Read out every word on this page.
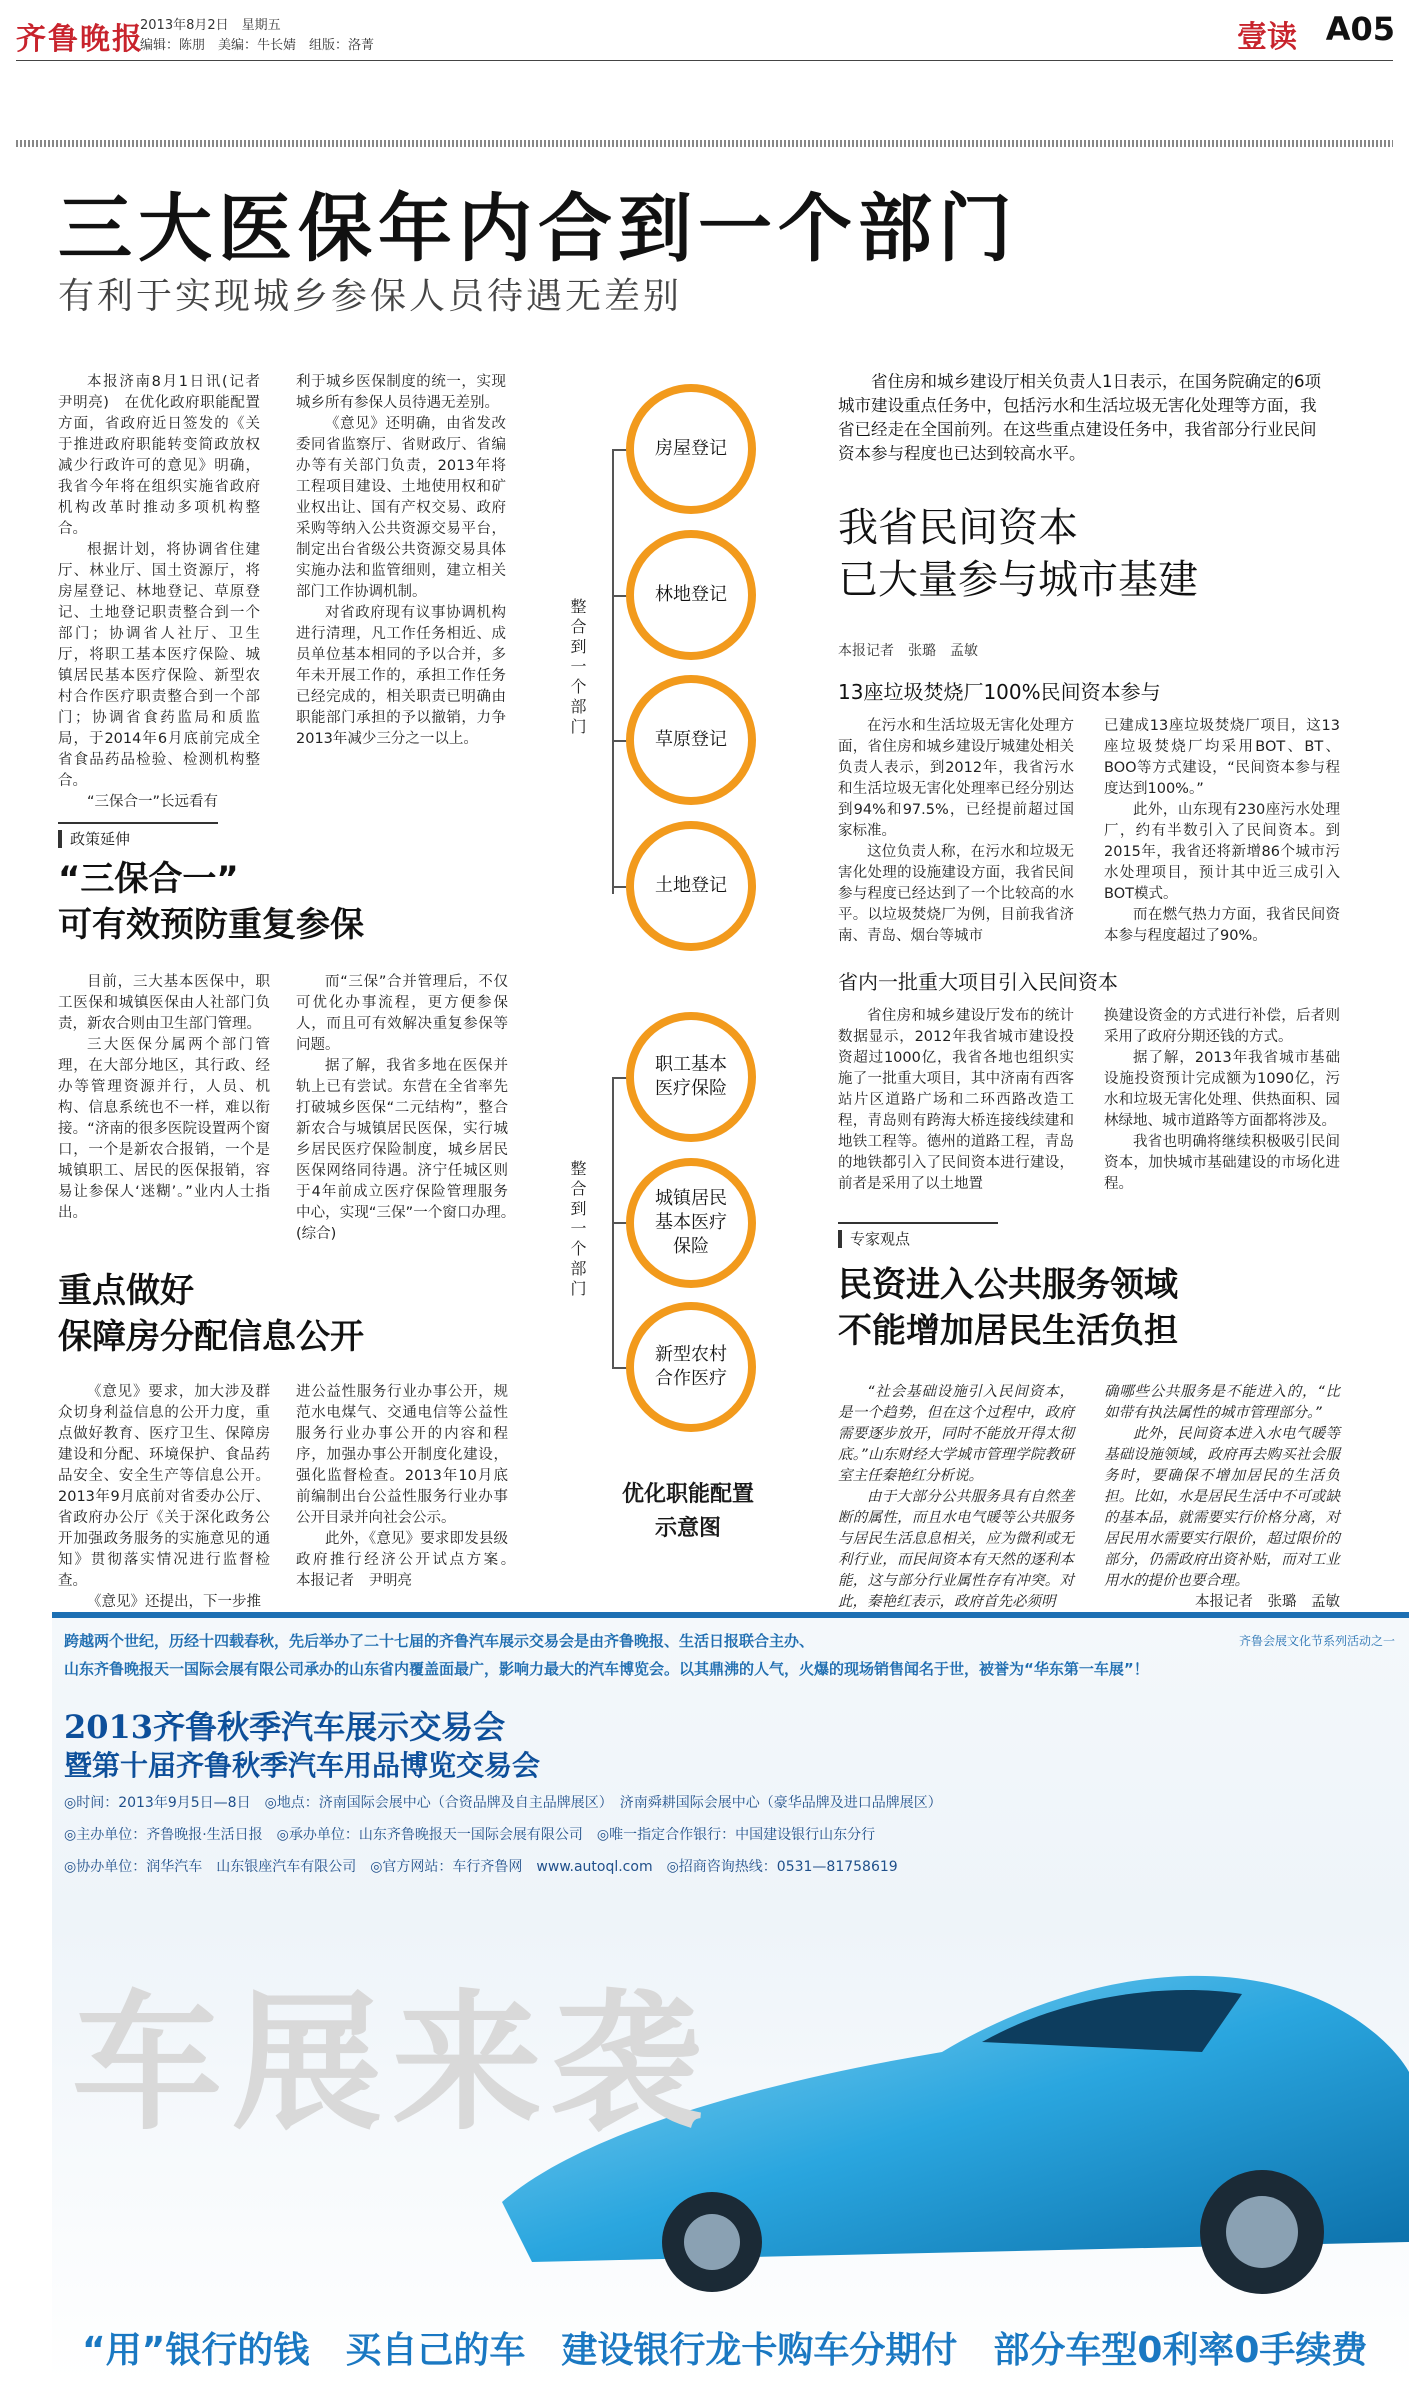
齐鲁晚报
2013年8月2日　星期五
编辑：陈朋　美编：牛长婧　组版：洛菁	壹读 A05
三大医保年内合到一个部门
有利于实现城乡参保人员待遇无差别

本报济南8月1日讯(记者　尹明亮)　在优化政府职能配置方面，省政府近日签发的《关于推进政府职能转变简政放权减少行政许可的意见》明确，我省今年将在组织实施省政府机构改革时推动多项机构整合。

根据计划，将协调省住建厅、林业厅、国土资源厅，将房屋登记、林地登记、草原登记、土地登记职责整合到一个部门；协调省人社厅、卫生厅，将职工基本医疗保险、城镇居民基本医疗保险、新型农村合作医疗职责整合到一个部门；协调省食药监局和质监局，于2014年6月底前完成全省食品药品检验、检测机构整合。

“三保合一”长远看有

利于城乡医保制度的统一，实现城乡所有参保人员待遇无差别。

《意见》还明确，由省发改委同省监察厅、省财政厅、省编办等有关部门负责，2013年将工程项目建设、土地使用权和矿业权出让、国有产权交易、政府采购等纳入公共资源交易平台，制定出台省级公共资源交易具体实施办法和监管细则，建立相关部门工作协调机制。

对省政府现有议事协调机构进行清理，凡工作任务相近、成员单位基本相同的予以合并，多年未开展工作的，承担工作任务已经完成的，相关职责已明确由职能部门承担的予以撤销，力争2013年减少三分之一以上。

政策延伸
“三保合一”
可有效预防重复参保

目前，三大基本医保中，职工医保和城镇医保由人社部门负责，新农合则由卫生部门管理。

三大医保分属两个部门管理，在大部分地区，其行政、经办等管理资源并行，人员、机构、信息系统也不一样，难以衔接。“济南的很多医院设置两个窗口，一个是新农合报销，一个是城镇职工、居民的医保报销，容易让参保人‘迷糊’。”业内人士指出。

而“三保”合并管理后，不仅可优化办事流程，更方便参保人，而且可有效解决重复参保等问题。

据了解，我省多地在医保并轨上已有尝试。东营在全省率先打破城乡医保“二元结构”，整合新农合与城镇居民医保，实行城乡居民医疗保险制度，城乡居民医保网络同待遇。济宁任城区则于4年前成立医疗保险管理服务中心，实现“三保”一个窗口办理。　(综合)

重点做好
保障房分配信息公开

《意见》要求，加大涉及群众切身利益信息的公开力度，重点做好教育、医疗卫生、保障房建设和分配、环境保护、食品药品安全、安全生产等信息公开。2013年9月底前对省委办公厅、省政府办公厅《关于深化政务公开加强政务服务的实施意见的通知》贯彻落实情况进行监督检查。

《意见》还提出，下一步推

进公益性服务行业办事公开，规范水电煤气、交通电信等公益性服务行业办事公开的内容和程序，加强办事公开制度化建设，强化监督检查。2013年10月底前编制出台公益性服务行业办事公开目录并向社会公示。

此外，《意见》要求即发县级政府推行经济公开试点方案。　　本报记者　尹明亮

整合到一个部门
房屋登记
林地登记
草原登记
土地登记
整合到一个部门
职工基本
医疗保险
城镇居民
基本医疗
保险
新型农村
合作医疗
优化职能配置
示意图
省住房和城乡建设厅相关负责人1日表示，在国务院确定的6项城市建设重点任务中，包括污水和生活垃圾无害化处理等方面，我省已经走在全国前列。在这些重点建设任务中，我省部分行业民间资本参与程度也已达到较高水平。
我省民间资本
已大量参与城市基建
本报记者　张璐　孟敏
13座垃圾焚烧厂100%民间资本参与

在污水和生活垃圾无害化处理方面，省住房和城乡建设厅城建处相关负责人表示，到2012年，我省污水和生活垃圾无害化处理率已经分别达到94%和97.5%，已经提前超过国家标准。

这位负责人称，在污水和垃圾无害化处理的设施建设方面，我省民间参与程度已经达到了一个比较高的水平。以垃圾焚烧厂为例，目前我省济南、青岛、烟台等城市

已建成13座垃圾焚烧厂项目，这13座垃圾焚烧厂均采用BOT、BT、BOO等方式建设，“民间资本参与程度达到100%。”

此外，山东现有230座污水处理厂，约有半数引入了民间资本。到2015年，我省还将新增86个城市污水处理项目，预计其中近三成引入BOT模式。

而在燃气热力方面，我省民间资本参与程度超过了90%。

省内一批重大项目引入民间资本

省住房和城乡建设厅发布的统计数据显示，2012年我省城市建设投资超过1000亿，我省各地也组织实施了一批重大项目，其中济南有西客站片区道路广场和二环西路改造工程，青岛则有跨海大桥连接线续建和地铁工程等。德州的道路工程，青岛的地铁都引入了民间资本进行建设，前者是采用了以土地置

换建设资金的方式进行补偿，后者则采用了政府分期还钱的方式。

据了解，2013年我省城市基础设施投资预计完成额为1090亿，污水和垃圾无害化处理、供热面积、园林绿地、城市道路等方面都将涉及。

我省也明确将继续积极吸引民间资本，加快城市基础建设的市场化进程。

专家观点
民资进入公共服务领域
不能增加居民生活负担

“社会基础设施引入民间资本，是一个趋势，但在这个过程中，政府需要逐步放开，同时不能放开得太彻底。”山东财经大学城市管理学院教研室主任秦艳红分析说。

由于大部分公共服务具有自然垄断的属性，而且水电气暖等公共服务与居民生活息息相关，应为微利或无利行业，而民间资本有天然的逐利本能，这与部分行业属性存有冲突。对此，秦艳红表示，政府首先必须明

确哪些公共服务是不能进入的，“比如带有执法属性的城市管理部分。”

此外，民间资本进入水电气暖等基础设施领域，政府再去购买社会服务时，要确保不增加居民的生活负担。比如，水是居民生活中不可或缺的基本品，就需要实行价格分离，对居民用水需要实行限价，超过限价的部分，仍需政府出资补贴，而对工业用水的提价也要合理。

本报记者　张璐　孟敏

跨越两个世纪，历经十四载春秋，先后举办了二十七届的齐鲁汽车展示交易会是由齐鲁晚报、生活日报联合主办、
山东齐鲁晚报天一国际会展有限公司承办的山东省内覆盖面最广，影响力最大的汽车博览会。以其鼎沸的人气，火爆的现场销售闻名于世，被誉为“华东第一车展”！
齐鲁会展文化节系列活动之一
2013齐鲁秋季汽车展示交易会
暨第十届齐鲁秋季汽车用品博览交易会
◎时间：2013年9月5日—8日　◎地点：济南国际会展中心（合资品牌及自主品牌展区）　济南舜耕国际会展中心（豪华品牌及进口品牌展区）
◎主办单位：齐鲁晚报·生活日报　◎承办单位：山东齐鲁晚报天一国际会展有限公司　◎唯一指定合作银行：中国建设银行山东分行
◎协办单位：润华汽车　山东银座汽车有限公司　◎官方网站：车行齐鲁网　www.autoql.com　◎招商咨询热线：0531—81758619
车展来袭
“用”银行的钱　买自己的车　建设银行龙卡购车分期付　部分车型0利率0手续费
